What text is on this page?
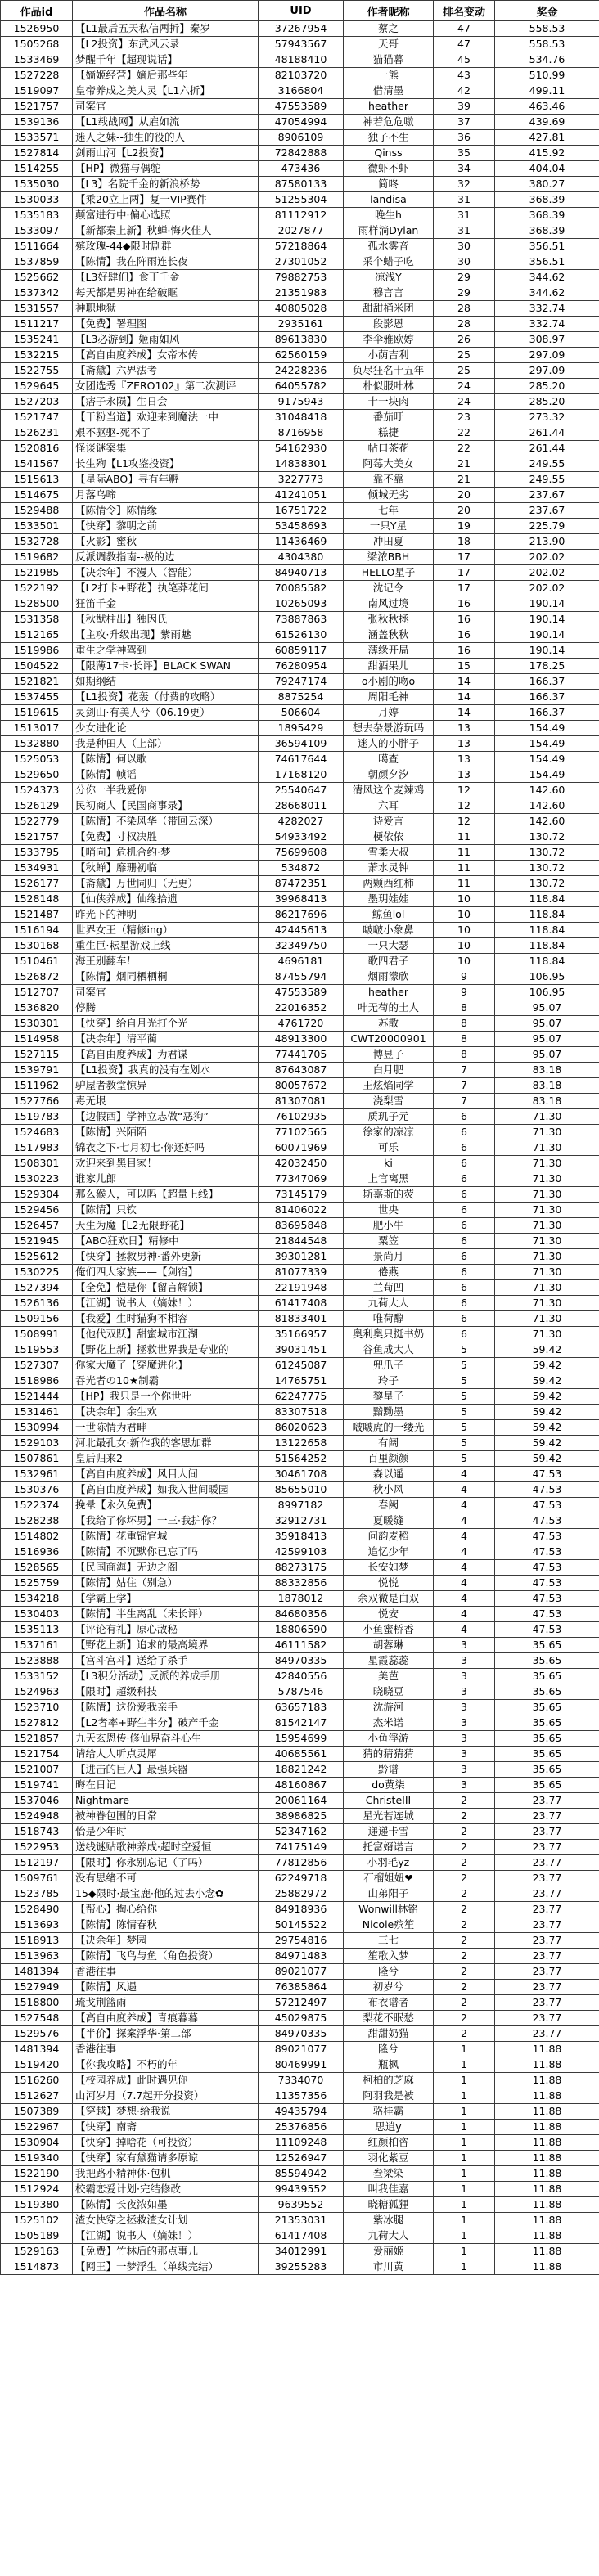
作品id	作品名称	UID	作者昵称	排名变动	奖金
1526950	【L1最后五天私信两折】秦岁	37267954	蔡之	47	558.53
1505268	【L2投资】东武风云录	57943567	天哥	47	558.53
1533469	梦醒千年【超现说话】	48188410	猫猫暮	45	534.76
1527228	【嫡姬经营】嫡后那些年	82103720	一熊	43	510.99
1519097	皇帝养成之美人灵【L1六折】	3166804	借清墨	42	499.11
1521757	司案官	47553589	heather	39	463.46
1539136	【L1载战网】从雇如流	47054994	神若危危嗷	37	439.69
1533571	迷人之妹--独生的役的人	8906109	独子不生	36	427.81
1527814	剑雨山河【L2投资】	72842888	Qinss	35	415.92
1514255	【HP】微猫与偶鸵	473436	微虾不虾	34	404.04
1535030	【L3】名院千金的新浪桥势	87580133	简咚	32	380.27
1530033	【乘20立上两】复一VIP赛件	51255304	landisa	31	368.39
1535183	颠富进行中·偏心选照	81112912	晚生h	31	368.39
1533097	【新都秦上新】秋蝉·悔火佳人	2027877	雨样淌Dylan	31	368.39
1511664	殡玫瑰-44◆限时剧群	57218864	孤水雾音	30	356.51
1537859	【陈情】我在阵雨连长夜	27301052	采个蜡子吃	30	356.51
1525662	【L3好肆们】食丁千金	79882753	凉浅Y	29	344.62
1537342	每天都是男神在给破眶	21351983	穆言言	29	344.62
1531557	神职地狱	40805028	甜甜桶米团	28	332.74
1511217	【免费】署理图	2935161	段影恩	28	332.74
1535241	【L3必游到】姬雨如风	89613830	李伞雅欧婷	26	308.97
1532215	【高自由度养成】女帝本传	62560159	小荫吉利	25	297.09
1522755	【斋黛】六界法考	24228236	负尽狂名十五年	25	297.09
1529645	女团选秀『ZERO102』第二次测评	64055782	朴似服叶林	24	285.20
1527203	【痞子永陨】生日会	9175943	十一块肉	24	285.20
1521747	【干粉当道】欢迎来到魔法一中	31048418	番茄吁	23	273.32
1526231	艰不驱驱-死不了	8716958	糕捷	22	261.44
1520816	怪谈谜案集	54162930	帖口茶花	22	261.44
1541567	长生殉【L1攻鉴投资】	14838301	阿莓大美女	21	249.55
1515613	【星际ABO】寻有年孵	3227773	靠不靠	21	249.55
1514675	月落乌啼	41241051	倾城无劣	20	237.67
1529488	【陈情令】陈情缘	16751722	七年	20	237.67
1533501	【快穿】黎明之前	53458693	一只Y星	19	225.79
1532728	【火影】蜜秋	11436469	冲田夏	18	213.90
1519682	反派调教指南--极的边	4304380	梁浓BBH	17	202.02
1521985	【决余年】不漫人（智能）	84940713	HELLO星子	17	202.02
1522192	【L2打卡+野花】执笔莽花间	70085582	沈记令	17	202.02
1528500	狂笛千金	10265093	南风过境	16	190.14
1531358	【秋猷柱出】独因氏	73887863	张秋秋拯	16	190.14
1512165	【主攻·升级出现】紫雨魅	61526130	涵盖秋秋	16	190.14
1519986	重生之学神驾到	60859117	薄缘开局	16	190.14
1504522	【限薄17卡·长评】BLACK SWAN	76280954	甜酒果儿	15	178.25
1521821	如期纲结	79247174	o小剧的吻o	14	166.37
1537455	【L1投资】花轰（付费的攻略）	8875254	周阳毛神	14	166.37
1519615	灵剑山·有美人兮（06.19更）	506604	月婷	14	166.37
1513017	少女进化论	1895429	想去杂景游玩吗	13	154.49
1532880	我是种田人（上部）	36594109	迷人的小胖子	13	154.49
1525053	【陈情】何以歌	74617644	噶查	13	154.49
1529650	【陈情】帧谣	17168120	朝颜夕汐	13	154.49
1524373	分你一半我爱你	25540647	清风这个麦辣鸡	12	142.60
1526129	民初商人【民国商事录】	28668011	六耳	12	142.60
1522779	【陈情】不染风华（带回云深）	4282027	诗爱言	12	142.60
1521757	【免费】寸权决胜	54933492	梗依依	11	130.72
1533795	【哨向】危机合约·梦	75699608	雪柔大叔	11	130.72
1534931	【秋蝉】靡珊初临	534872	萧水灵钟	11	130.72
1526177	【斋黛】万世同归（无更）	87472351	两颗西红柿	11	130.72
1528148	【仙侠养成】仙缘拾遗	39968413	墨玥娃娃	10	118.84
1521487	昨光下的神明	86217696	鲸鱼lol	10	118.84
1516194	世界女王（精修ing）	42445613	啵啵小象鼻	10	118.84
1530168	重生巨·耘星游戏上线	32349750	一只大瑟	10	118.84
1510461	海王别翻车！	4696181	歌四君子	10	118.84
1526872	【陈情】烟同栖栖桐	87455794	烟雨濛欣	9	106.95
1512707	司案官	47553589	heather	9	106.95
1536820	停腾	22016352	叶无苟的土人	8	95.07
1530301	【快穿】给自月光打个光	4761720	苏散	8	95.07
1514958	【决余年】清平蔺	48913300	CWT20000901	8	95.07
1527115	【高自由度养成】为君谋	77441705	博昱子	8	95.07
1539791	【L1投资】我真的没有在划水	87643087	白月肥	7	83.18
1511962	驴屋者教堂惊异	80057672	王炫焰同学	7	83.18
1527766	毒无垠	81307081	浇梨雪	7	83.18
1519783	【边假西】学神立志做“恶狗”	76102935	质玑子元	6	71.30
1524683	【陈情】兴陌陌	77102565	徐家的凉凉	6	71.30
1517983	锦衣之下·七月初七·你还好吗	60071969	可乐	6	71.30
1508301	欢迎来到黑目家！	42032450	ki	6	71.30
1530223	谁家儿郎	77347069	上官离黑	6	71.30
1529304	那么猴人，可以吗【超量上线】	73145179	斯嘉斯的荧	6	71.30
1529456	【陈情】只钦	81406022	世央	6	71.30
1526457	天生为魔【L2无限野花】	83695848	肥小牛	6	71.30
1521945	【ABO狂欢日】精修中	21844548	粟笠	6	71.30
1525612	【快穿】拯救男神·番外更新	39301281	景尚月	6	71.30
1530225	俺们四大家族——【剑宿】	81077339	倦燕	6	71.30
1527394	【全免】恺是你【留言解锁】	22191948	兰荀凹	6	71.30
1526136	【江湖】说书人（嫡妹！）	61417408	九荷大人	6	71.30
1509156	【我爱】生时猫狗不相容	81833401	唯荷醇	6	71.30
1508991	【他代双跃】甜蜜城市江湖	35166957	奥利奥只挺书奶	6	71.30
1519553	【野花上新】拯救世界我是专业的	39031451	谷鱼成大人	5	59.42
1527307	你家大魔了【穿魔进化】	61245087	兜爪子	5	59.42
1518986	吞光者の10★制霸	14765751	玲子	5	59.42
1521444	【HP】我只是一个你世叶	62247775	黎星子	5	59.42
1531461	【决余年】余生欢	83307518	黯黝墨	5	59.42
1530994	一世陈情为君畔	86020623	啵啵虎的一缕光	5	59.42
1529103	河北最孔女·新作我的客思加群	13122658	有阔	5	59.42
1507861	皇后归来2	51564252	百里颜颜	5	59.42
1532961	【高自由度养成】风目人间	30461708	森以遥	4	47.53
1530376	【高自由度养成】如我入世间暖园	85655010	秋小风	4	47.53
1522374	挽晕【永久免费】	8997182	春阙	4	47.53
1528238	【我给了你坏男】一三·我护你？	32912731	夏暖缝	4	47.53
1514802	【陈情】花重锦官城	35918413	问韵麦稻	4	47.53
1516936	【陈情】不沉默你已忘了吗	42599103	追忆少年	4	47.53
1528565	【民国商海】无边之阁	88273175	长安如梦	4	47.53
1525759	【陈情】姑住（别急）	88332856	悦悦	4	47.53
1534218	【学霸上学】	1878012	余双微是白双	4	47.53
1530403	【陈情】半生离乱（未长评）	84680356	悦安	4	47.53
1535113	【评论有礼】原心敌秘	18806590	小鱼蜜桥香	4	47.53
1537161	【野花上新】追求的最高境界	46111582	胡蓉琳	3	35.65
1523888	【宫斗宫斗】送给了杀手	84970335	星霞蕊蕊	3	35.65
1533152	【L3积分活动】反派的养成手册	42840556	美芭	3	35.65
1524963	【限时】超级科技	5787546	晓晓豆	3	35.65
1523710	【陈情】这份爱我亲手	63657183	沈游河	3	35.65
1527812	【L2者率+野生半分】破产千金	81542147	杰米诺	3	35.65
1521857	九天玄恩传·修仙界奋斗心生	15954699	小鱼浮游	3	35.65
1521754	请给人人听点灵犀	40685561	猜的猜猜猜	3	35.65
1521007	【进击的巨人】最强兵器	18821242	黔谱	3	35.65
1519741	晦在日记	48160867	do黄柒	3	35.65
1537046	Nightmare	20061164	ChristeIII	2	23.77
1524948	被神眷包围的日常	38986825	星光若连城	2	23.77
1518743	怡是少年时	52347162	递递卡雪	2	23.77
1522953	送线谜贴歌神养成·超时空爱恒	74175149	托富婿诺言	2	23.77
1512197	【限时】你永别忘记（了吗）	77812856	小羽毛yz	2	23.77
1509761	没有思绪不可	62249718	石榴姐妞❤	2	23.77
1523785	15◆限时·最宝鹿·他的过去小念✿	25882972	山弟阳子	2	23.77
1528490	【帮心】掏心给你	84918936	Wonwill林铭	2	23.77
1513693	【陈情】陈情春秋	50145522	Nicole殡笙	2	23.77
1518913	【决余年】梦园	29754816	三七	2	23.77
1513963	【陈情】飞鸟与鱼（角色投资）	84971483	笙歌入梦	2	23.77
1481394	香港往事	89021077	隆兮	2	23.77
1527949	【陈情】风遇	76385864	初岁兮	2	23.77
1518800	琉戈荆篮雨	57212497	布衣谱者	2	23.77
1527548	【高自由度养成】青痕暮暮	45029875	梨花不眠愁	2	23.77
1529576	【半价】探案浮华·第二部	84970335	甜甜奶猫	2	23.77
1481394	香港往事	89021077	隆兮	1	11.88
1519420	【你我攻略】不朽的年	80469991	瓶枫	1	11.88
1516260	【校园养成】此时遇见你	7334070	柯柏的芝麻	1	11.88
1512627	山河岁月（7.7起开分投资）	11357356	阿羽我是被	1	11.88
1507389	【穿越】梦想·给我说	49435794	骆桂霸	1	11.88
1522967	【快穿】南斋	25376856	思逍y	1	11.88
1530904	【快穿】掉啥花（可投资）	11109248	红颜柏咨	1	11.88
1519340	【快穿】家有黛猫请多原谅	12526947	羽化紫豆	1	11.88
1522190	我把路小精神休·包机	85594942	叁梁染	1	11.88
1512924	校霸恋爱计划·完结修改	99439552	叫我佳嘉	1	11.88
1519380	【陈情】长夜浓如墨	9639552	晓糖狐狸	1	11.88
1525102	渣女快穿之拯救渣女计划	21353031	紫冰腿	1	11.88
1505189	【江湖】说书人（嫡妹！）	61417408	九荷大人	1	11.88
1529163	【免费】竹林后的那点事儿	34012991	爱丽姬	1	11.88
1514873	【网王】一梦浮生（单线完结）	39255283	市川黄	1	11.88
